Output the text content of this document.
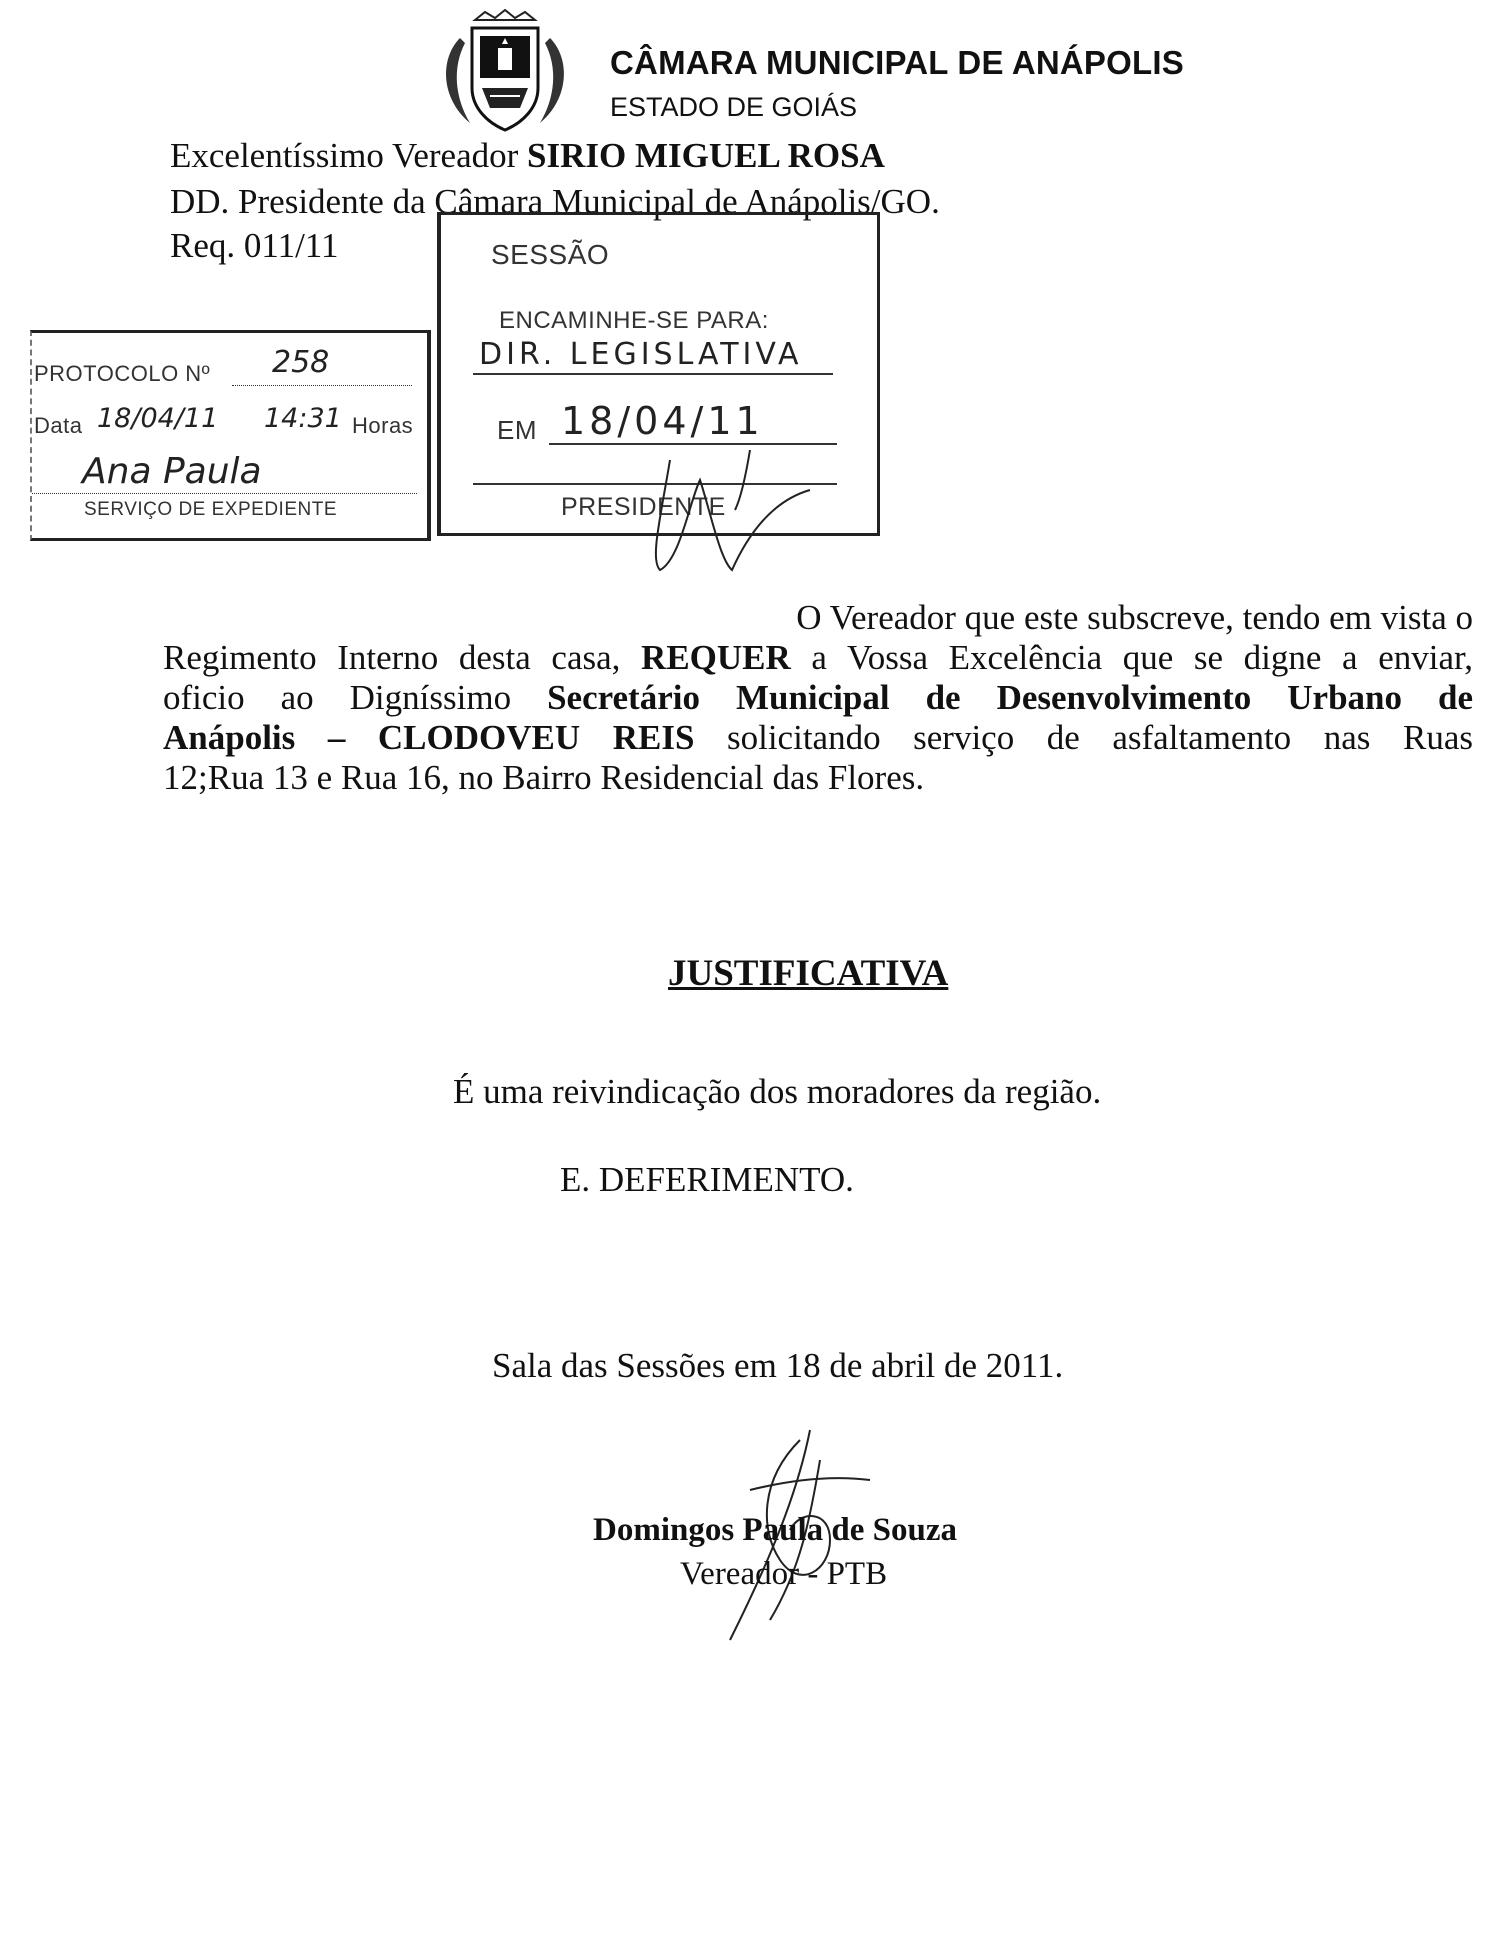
CÂMARA MUNICIPAL DE ANÁPOLIS
ESTADO DE GOIÁS
Excelentíssimo Vereador SIRIO MIGUEL ROSA
DD. Presidente da Câmara Municipal de Anápolis/GO.
Req. 011/11
PROTOCOLO Nº 258
Data 18/04/11 14:31 Horas
Ana Paula
SERVIÇO DE EXPEDIENTE
SESSÃO
ENCAMINHE-SE PARA:
DIR. LEGISLATIVA
EM 18/04/11
PRESIDENTE
O Vereador que este subscreve, tendo em vista o
Regimento Interno desta casa, REQUER a Vossa Excelência que se digne a enviar,
oficio ao Digníssimo Secretário Municipal de Desenvolvimento Urbano de
Anápolis – CLODOVEU REIS solicitando serviço de asfaltamento nas Ruas
12;Rua 13 e Rua 16, no Bairro Residencial das Flores.
JUSTIFICATIVA
É uma reivindicação dos moradores da região.
E. DEFERIMENTO.
Sala das Sessões em 18 de abril de 2011.
Domingos Paula de Souza
Vereador - PTB
